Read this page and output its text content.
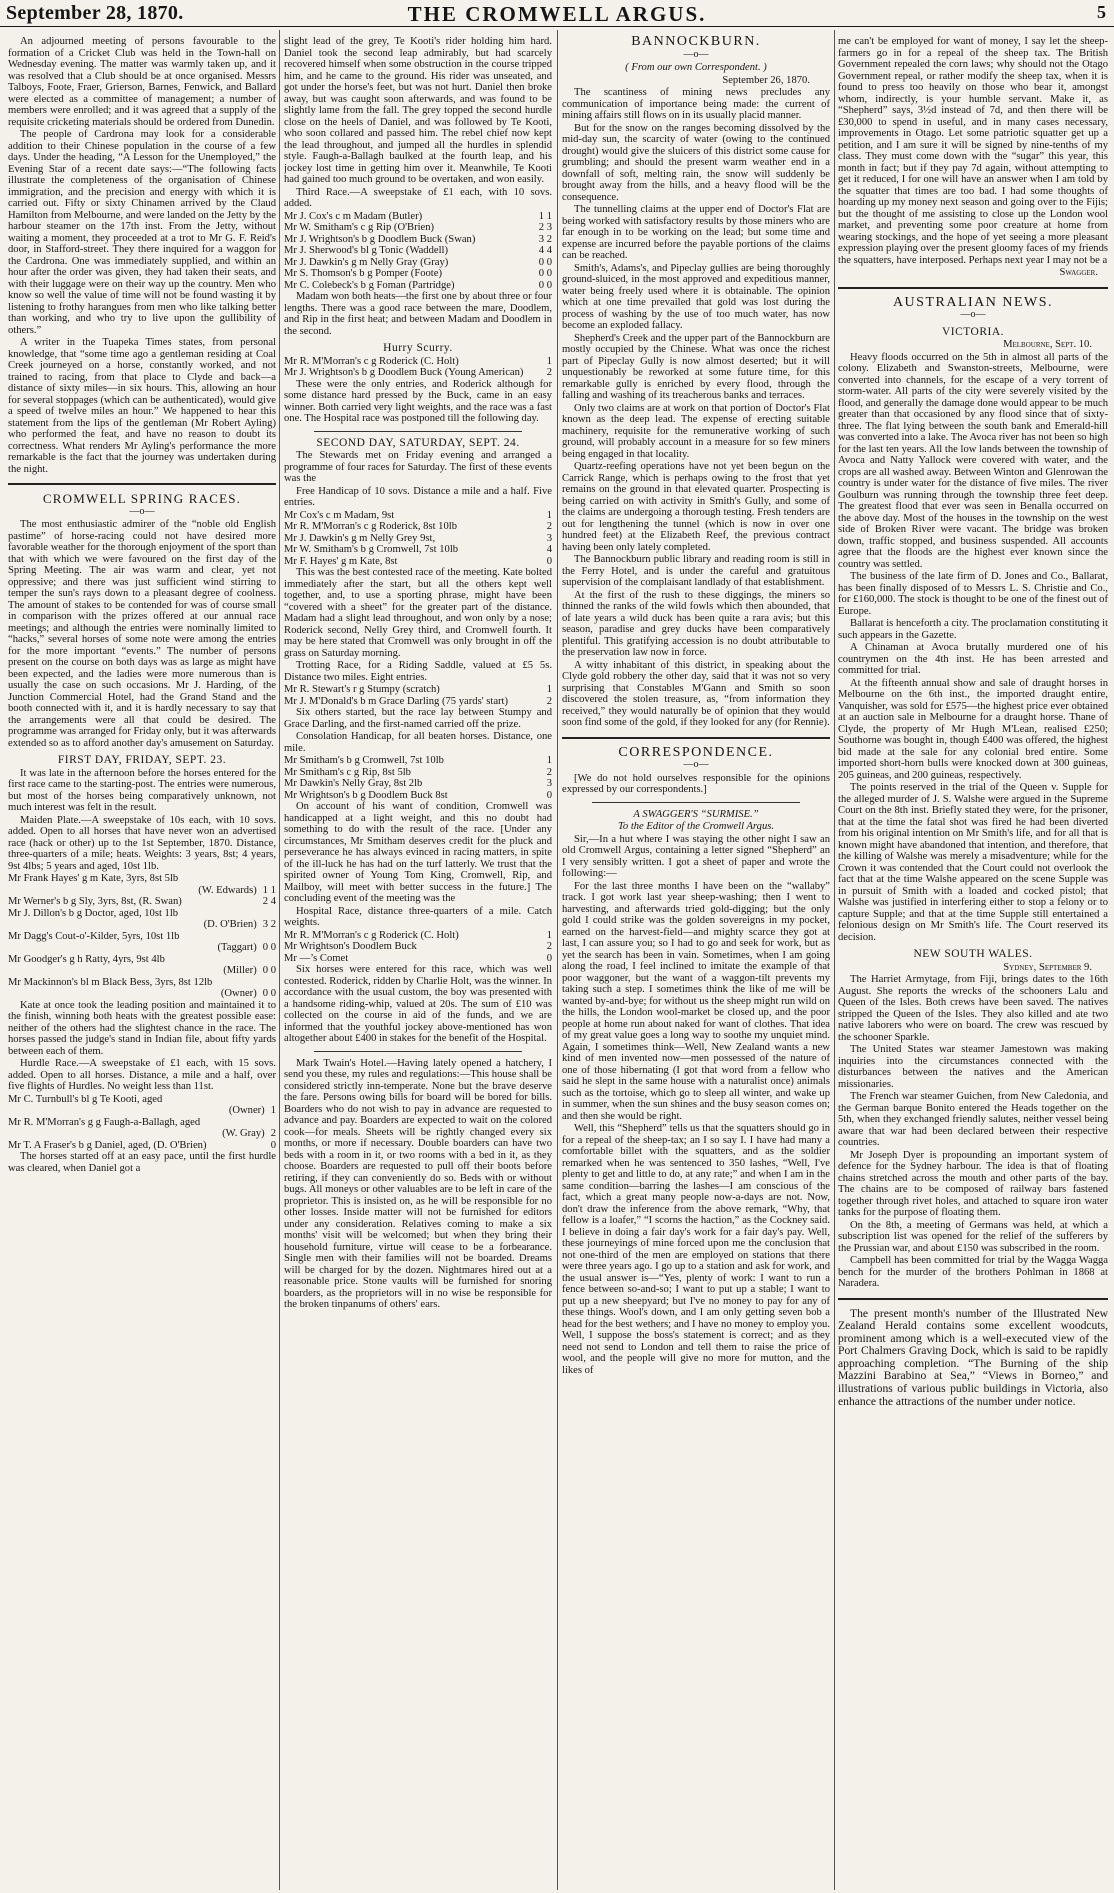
September 28, 1870.	THE CROMWELL ARGUS.	5

An adjourned meeting of persons favourable to the formation of a Cricket Club was held in the Town-hall on Wednesday evening. The matter was warmly taken up, and it was resolved that a Club should be at once organised. Messrs Talboys, Foote, Fraer, Grierson, Barnes, Fenwick, and Ballard were elected as a committee of management; a number of members were enrolled; and it was agreed that a supply of the requisite cricketing materials should be ordered from Dunedin.

The people of Cardrona may look for a considerable addition to their Chinese population in the course of a few days. Under the heading, “A Lesson for the Unemployed,” the Evening Star of a recent date says:—“The following facts illustrate the completeness of the organisation of Chinese immigration, and the precision and energy with which it is carried out. Fifty or sixty Chinamen arrived by the Claud Hamilton from Melbourne, and were landed on the Jetty by the harbour steamer on the 17th inst. From the Jetty, without waiting a moment, they proceeded at a trot to Mr G. F. Reid's door, in Stafford-street. They there inquired for a waggon for the Cardrona. One was immediately supplied, and within an hour after the order was given, they had taken their seats, and with their luggage were on their way up the country. Men who know so well the value of time will not be found wasting it by listening to frothy harangues from men who like talking better than working, and who try to live upon the gullibility of others.”

A writer in the Tuapeka Times states, from personal knowledge, that “some time ago a gentleman residing at Coal Creek journeyed on a horse, constantly worked, and not trained to racing, from that place to Clyde and back—a distance of sixty miles—in six hours. This, allowing an hour for several stoppages (which can be authenticated), would give a speed of twelve miles an hour.” We happened to hear this statement from the lips of the gentleman (Mr Robert Ayling) who performed the feat, and have no reason to doubt its correctness. What renders Mr Ayling's performance the more remarkable is the fact that the journey was undertaken during the night.

CROMWELL SPRING RACES.
—o—

The most enthusiastic admirer of the “noble old English pastime” of horse-racing could not have desired more favorable weather for the thorough enjoyment of the sport than that with which we were favoured on the first day of the Spring Meeting. The air was warm and clear, yet not oppressive; and there was just sufficient wind stirring to temper the sun's rays down to a pleasant degree of coolness. The amount of stakes to be contended for was of course small in comparison with the prizes offered at our annual race meetings; and although the entries were nominally limited to “hacks,” several horses of some note were among the entries for the more important “events.” The number of persons present on the course on both days was as large as might have been expected, and the ladies were more numerous than is usually the case on such occasions. Mr J. Harding, of the Junction Commercial Hotel, had the Grand Stand and the booth connected with it, and it is hardly necessary to say that the arrangements were all that could be desired. The programme was arranged for Friday only, but it was afterwards extended so as to afford another day's amusement on Saturday.

FIRST DAY, FRIDAY, SEPT. 23.

It was late in the afternoon before the horses entered for the first race came to the starting-post. The entries were numerous, but most of the horses being comparatively unknown, not much interest was felt in the result.

Maiden Plate.—A sweepstake of 10s each, with 10 sovs. added. Open to all horses that have never won an advertised race (hack or other) up to the 1st September, 1870. Distance, three-quarters of a mile; heats. Weights: 3 years, 8st; 4 years, 9st 4lbs; 5 years and aged, 10st 1lb.

Mr Frank Hayes' g m Kate, 3yrs, 8st 5lb
(W. Edwards) 1 1
Mr Werner's b g Sly, 3yrs, 8st, (R. Swan)	2 4
Mr J. Dillon's b g Doctor, aged, 10st 1lb
(D. O'Brien) 3 2
Mr Dagg's Cout-o'-Kilder, 5yrs, 10st 1lb
(Taggart) 0 0
Mr Goodger's g h Ratty, 4yrs, 9st 4lb
(Miller) 0 0
Mr Mackinnon's bl m Black Bess, 3yrs, 8st 12lb
(Owner) 0 0

Kate at once took the leading position and maintained it to the finish, winning both heats with the greatest possible ease: neither of the others had the slightest chance in the race. The horses passed the judge's stand in Indian file, about fifty yards between each of them.

Hurdle Race.—A sweepstake of £1 each, with 15 sovs. added. Open to all horses. Distance, a mile and a half, over five flights of Hurdles. No weight less than 11st.

Mr C. Turnbull's bl g Te Kooti, aged
(Owner) 1
Mr R. M'Morran's g g Faugh-a-Ballagh, aged
(W. Gray) 2
Mr T. A Fraser's b g Daniel, aged, (D. O'Brien)	0

The horses started off at an easy pace, until the first hurdle was cleared, when Daniel got a

slight lead of the grey, Te Kooti's rider holding him hard. Daniel took the second leap admirably, but had scarcely recovered himself when some obstruction in the course tripped him, and he came to the ground. His rider was unseated, and got under the horse's feet, but was not hurt. Daniel then broke away, but was caught soon afterwards, and was found to be slightly lame from the fall. The grey topped the second hurdle close on the heels of Daniel, and was followed by Te Kooti, who soon collared and passed him. The rebel chief now kept the lead throughout, and jumped all the hurdles in splendid style. Faugh-a-Ballagh baulked at the fourth leap, and his jockey lost time in getting him over it. Meanwhile, Te Kooti had gained too much ground to be overtaken, and won easily.

Third Race.—A sweepstake of £1 each, with 10 sovs. added.

Mr J. Cox's c m Madam (Butler)	1 1
Mr W. Smitham's c g Rip (O'Brien)	2 3
Mr J. Wrightson's b g Doodlem Buck (Swan)	3 2
Mr J. Sherwood's bl g Tonic (Waddell)	4 4
Mr J. Dawkin's g m Nelly Gray (Gray)	0 0
Mr S. Thomson's b g Pomper (Foote)	0 0
Mr C. Colebeck's b g Foman (Partridge)	0 0

Madam won both heats—the first one by about three or four lengths. There was a good race between the mare, Doodlem, and Rip in the first heat; and between Madam and Doodlem in the second.

Hurry Scurry.
Mr R. M'Morran's c g Roderick (C. Holt)	1
Mr J. Wrightson's b g Doodlem Buck (Young American)	2

These were the only entries, and Roderick although for some distance hard pressed by the Buck, came in an easy winner. Both carried very light weights, and the race was a fast one. The Hospital race was postponed till the following day.

SECOND DAY, SATURDAY, SEPT. 24.

The Stewards met on Friday evening and arranged a programme of four races for Saturday. The first of these events was the

Free Handicap of 10 sovs. Distance a mile and a half. Five entries.

Mr Cox's c m Madam, 9st	1
Mr R. M'Morran's c g Roderick, 8st 10lb	2
Mr J. Dawkin's g m Nelly Grey 9st,	3
Mr W. Smitham's b g Cromwell, 7st 10lb	4
Mr F. Hayes' g m Kate, 8st	0

This was the best contested race of the meeting. Kate bolted immediately after the start, but all the others kept well together, and, to use a sporting phrase, might have been “covered with a sheet” for the greater part of the distance. Madam had a slight lead throughout, and won only by a nose; Roderick second, Nelly Grey third, and Cromwell fourth. It may be here stated that Cromwell was only brought in off the grass on Saturday morning.

Trotting Race, for a Riding Saddle, valued at £5 5s. Distance two miles. Eight entries.

Mr R. Stewart's r g Stumpy (scratch)	1
Mr J. M'Donald's b m Grace Darling (75 yards' start)	2

Six others started, but the race lay between Stumpy and Grace Darling, and the first-named carried off the prize.

Consolation Handicap, for all beaten horses. Distance, one mile.

Mr Smitham's b g Cromwell, 7st 10lb	1
Mr Smitham's c g Rip, 8st 5lb	2
Mr Dawkin's Nelly Gray, 8st 2lb	3
Mr Wrightson's b g Doodlem Buck 8st	0

On account of his want of condition, Cromwell was handicapped at a light weight, and this no doubt had something to do with the result of the race. [Under any circumstances, Mr Smitham deserves credit for the pluck and perseverance he has always evinced in racing matters, in spite of the ill-luck he has had on the turf latterly. We trust that the spirited owner of Young Tom King, Cromwell, Rip, and Mailboy, will meet with better success in the future.] The concluding event of the meeting was the

Hospital Race, distance three-quarters of a mile. Catch weights.

Mr R. M'Morran's c g Roderick (C. Holt)	1
Mr Wrightson's Doodlem Buck	2
Mr —’s Comet	0

Six horses were entered for this race, which was well contested. Roderick, ridden by Charlie Holt, was the winner. In accordance with the usual custom, the boy was presented with a handsome riding-whip, valued at 20s. The sum of £10 was collected on the course in aid of the funds, and we are informed that the youthful jockey above-mentioned has won altogether about £400 in stakes for the benefit of the Hospital.

Mark Twain's Hotel.—Having lately opened a hatchery, I send you these, my rules and regulations:—This house shall be considered strictly inn-temperate. None but the brave deserve the fare. Persons owing bills for board will be bored for bills. Boarders who do not wish to pay in advance are requested to advance and pay. Boarders are expected to wait on the colored cook—for meals. Sheets will be rightly changed every six months, or more if necessary. Double boarders can have two beds with a room in it, or two rooms with a bed in it, as they choose. Boarders are requested to pull off their boots before retiring, if they can conveniently do so. Beds with or without bugs. All moneys or other valuables are to be left in care of the proprietor. This is insisted on, as he will be responsible for no other losses. Inside matter will not be furnished for editors under any consideration. Relatives coming to make a six months' visit will be welcomed; but when they bring their household furniture, virtue will cease to be a forbearance. Single men with their families will not be boarded. Dreams will be charged for by the dozen. Nightmares hired out at a reasonable price. Stone vaults will be furnished for snoring boarders, as the proprietors will in no wise be responsible for the broken tinpanums of others' ears.

BANNOCKBURN.
—o—

( From our own Correspondent. )

September 26, 1870.

The scantiness of mining news precludes any communication of importance being made: the current of mining affairs still flows on in its usually placid manner.

But for the snow on the ranges becoming dissolved by the mid-day sun, the scarcity of water (owing to the continued drought) would give the sluicers of this district some cause for grumbling; and should the present warm weather end in a downfall of soft, melting rain, the snow will suddenly be brought away from the hills, and a heavy flood will be the consequence.

The tunnelling claims at the upper end of Doctor's Flat are being worked with satisfactory results by those miners who are far enough in to be working on the lead; but some time and expense are incurred before the payable portions of the claims can be reached.

Smith's, Adams's, and Pipeclay gullies are being thoroughly ground-sluiced, in the most approved and expeditious manner, water being freely used where it is obtainable. The opinion which at one time prevailed that gold was lost during the process of washing by the use of too much water, has now become an exploded fallacy.

Shepherd's Creek and the upper part of the Bannockburn are mostly occupied by the Chinese. What was once the richest part of Pipeclay Gully is now almost deserted; but it will unquestionably be reworked at some future time, for this remarkable gully is enriched by every flood, through the falling and washing of its treacherous banks and terraces.

Only two claims are at work on that portion of Doctor's Flat known as the deep lead. The expense of erecting suitable machinery, requisite for the remunerative working of such ground, will probably account in a measure for so few miners being engaged in that locality.

Quartz-reefing operations have not yet been begun on the Carrick Range, which is perhaps owing to the frost that yet remains on the ground in that elevated quarter. Prospecting is being carried on with activity in Smith's Gully, and some of the claims are undergoing a thorough testing. Fresh tenders are out for lengthening the tunnel (which is now in over one hundred feet) at the Elizabeth Reef, the previous contract having been only lately completed.

The Bannockburn public library and reading room is still in the Ferry Hotel, and is under the careful and gratuitous supervision of the complaisant landlady of that establishment.

At the first of the rush to these diggings, the miners so thinned the ranks of the wild fowls which then abounded, that of late years a wild duck has been quite a rara avis; but this season, paradise and grey ducks have been comparatively plentiful. This gratifying accession is no doubt attributable to the preservation law now in force.

A witty inhabitant of this district, in speaking about the Clyde gold robbery the other day, said that it was not so very surprising that Constables M'Gann and Smith so soon discovered the stolen treasure, as, “from information they received,” they would naturally be of opinion that they would soon find some of the gold, if they looked for any (for Rennie).

CORRESPONDENCE.
—o—

[We do not hold ourselves responsible for the opinions expressed by our correspondents.]

A SWAGGER'S “SURMISE.”

To the Editor of the Cromwell Argus.

Sir,—In a hut where I was staying the other night I saw an old Cromwell Argus, containing a letter signed “Shepherd” an I very sensibly written. I got a sheet of paper and wrote the following:—

For the last three months I have been on the “wallaby” track. I got work last year sheep-washing; then I went to harvesting, and afterwards tried gold-digging; but the only gold I could strike was the golden sovereigns in my pocket, earned on the harvest-field—and mighty scarce they got at last, I can assure you; so I had to go and seek for work, but as yet the search has been in vain. Sometimes, when I am going along the road, I feel inclined to imitate the example of that poor waggoner, but the want of a waggon-tilt prevents my taking such a step. I sometimes think the like of me will be wanted by-and-bye; for without us the sheep might run wild on the hills, the London wool-market be closed up, and the poor people at home run about naked for want of clothes. That idea of my great value goes a long way to soothe my unquiet mind. Again, I sometimes think—Well, New Zealand wants a new kind of men invented now—men possessed of the nature of one of those hibernating (I got that word from a fellow who said he slept in the same house with a naturalist once) animals such as the tortoise, which go to sleep all winter, and wake up in summer, when the sun shines and the busy season comes on; and then she would be right.

Well, this “Shepherd” tells us that the squatters should go in for a repeal of the sheep-tax; an I so say I. I have had many a comfortable billet with the squatters, and as the soldier remarked when he was sentenced to 350 lashes, “Well, I've plenty to get and little to do, at any rate;” and when I am in the same condition—barring the lashes—I am conscious of the fact, which a great many people now-a-days are not. Now, don't draw the inference from the above remark, “Why, that fellow is a loafer,” “I scorns the haction,” as the Cockney said. I believe in doing a fair day's work for a fair day's pay. Well, these journeyings of mine forced upon me the conclusion that not one-third of the men are employed on stations that there were three years ago. I go up to a station and ask for work, and the usual answer is—“Yes, plenty of work: I want to run a fence between so-and-so; I want to put up a stable; I want to put up a new sheepyard; but I've no money to pay for any of these things. Wool's down, and I am only getting seven bob a head for the best wethers; and I have no money to employ you. Well, I suppose the boss's statement is correct; and as they need not send to London and tell them to raise the price of wool, and the people will give no more for mutton, and the likes of

me can't be employed for want of money, I say let the sheep-farmers go in for a repeal of the sheep tax. The British Government repealed the corn laws; why should not the Otago Government repeal, or rather modify the sheep tax, when it is found to press too heavily on those who bear it, amongst whom, indirectly, is your humble servant. Make it, as “Shepherd” says, 3½d instead of 7d, and then there will be £30,000 to spend in useful, and in many cases necessary, improvements in Otago. Let some patriotic squatter get up a petition, and I am sure it will be signed by nine-tenths of my class. They must come down with the “sugar” this year, this month in fact; but if they pay 7d again, without attempting to get it reduced, I for one will have an answer when I am told by the squatter that times are too bad. I had some thoughts of hoarding up my money next season and going over to the Fijis; but the thought of me assisting to close up the London wool market, and preventing some poor creature at home from wearing stockings, and the hope of yet seeing a more pleasant expression playing over the present gloomy faces of my friends the squatters, have interposed. Perhaps next year I may not be a

Swagger.

AUSTRALIAN NEWS.
—o—
VICTORIA.

Melbourne, Sept. 10.

Heavy floods occurred on the 5th in almost all parts of the colony. Elizabeth and Swanston-streets, Melbourne, were converted into channels, for the escape of a very torrent of storm-water. All parts of the city were severely visited by the flood, and generally the damage done would appear to be much greater than that occasioned by any flood since that of sixty-three. The flat lying between the south bank and Emerald-hill was converted into a lake. The Avoca river has not been so high for the last ten years. All the low lands between the township of Avoca and Natty Yallock were covered with water, and the crops are all washed away. Between Winton and Glenrowan the country is under water for the distance of five miles. The river Goulburn was running through the township three feet deep. The greatest flood that ever was seen in Benalla occurred on the above day. Most of the houses in the township on the west side of Broken River were vacant. The bridge was broken down, traffic stopped, and business suspended. All accounts agree that the floods are the highest ever known since the country was settled.

The business of the late firm of D. Jones and Co., Ballarat, has been finally disposed of to Messrs L. S. Christie and Co., for £160,000. The stock is thought to be one of the finest out of Europe.

Ballarat is henceforth a city. The proclamation constituting it such appears in the Gazette.

A Chinaman at Avoca brutally murdered one of his countrymen on the 4th inst. He has been arrested and committed for trial.

At the fifteenth annual show and sale of draught horses in Melbourne on the 6th inst., the imported draught entire, Vanquisher, was sold for £575—the highest price ever obtained at an auction sale in Melbourne for a draught horse. Thane of Clyde, the property of Mr Hugh M'Lean, realised £250; Southorne was bought in, though £400 was offered, the highest bid made at the sale for any colonial bred entire. Some imported short-horn bulls were knocked down at 300 guineas, 205 guineas, and 200 guineas, respectively.

The points reserved in the trial of the Queen v. Supple for the alleged murder of J. S. Walshe were argued in the Supreme Court on the 8th inst. Briefly stated they were, for the prisoner, that at the time the fatal shot was fired he had been diverted from his original intention on Mr Smith's life, and for all that is known might have abandoned that intention, and therefore, that the killing of Walshe was merely a misadventure; while for the Crown it was contended that the Court could not overlook the fact that at the time Walshe appeared on the scene Supple was in pursuit of Smith with a loaded and cocked pistol; that Walshe was justified in interfering either to stop a felony or to capture Supple; and that at the time Supple still entertained a felonious design on Mr Smith's life. The Court reserved its decision.

NEW SOUTH WALES.

Sydney, September 9.

The Harriet Armytage, from Fiji, brings dates to the 16th August. She reports the wrecks of the schooners Lalu and Queen of the Isles. Both crews have been saved. The natives stripped the Queen of the Isles. They also killed and ate two native laborers who were on board. The crew was rescued by the schooner Sparkle.

The United States war steamer Jamestown was making inquiries into the circumstances connected with the disturbances between the natives and the American missionaries.

The French war steamer Guichen, from New Caledonia, and the German barque Bonito entered the Heads together on the 5th, when they exchanged friendly salutes, neither vessel being aware that war had been declared between their respective countries.

Mr Joseph Dyer is propounding an important system of defence for the Sydney harbour. The idea is that of floating chains stretched across the mouth and other parts of the bay. The chains are to be composed of railway bars fastened together through rivet holes, and attached to square iron water tanks for the purpose of floating them.

On the 8th, a meeting of Germans was held, at which a subscription list was opened for the relief of the sufferers by the Prussian war, and about £150 was subscribed in the room.

Campbell has been committed for trial by the Wagga Wagga bench for the murder of the brothers Pohlman in 1868 at Naradera.

The present month's number of the Illustrated New Zealand Herald contains some excellent woodcuts, prominent among which is a well-executed view of the Port Chalmers Graving Dock, which is said to be rapidly approaching completion. “The Burning of the ship Mazzini Barabino at Sea,” “Views in Borneo,” and illustrations of various public buildings in Victoria, also enhance the attractions of the number under notice.
